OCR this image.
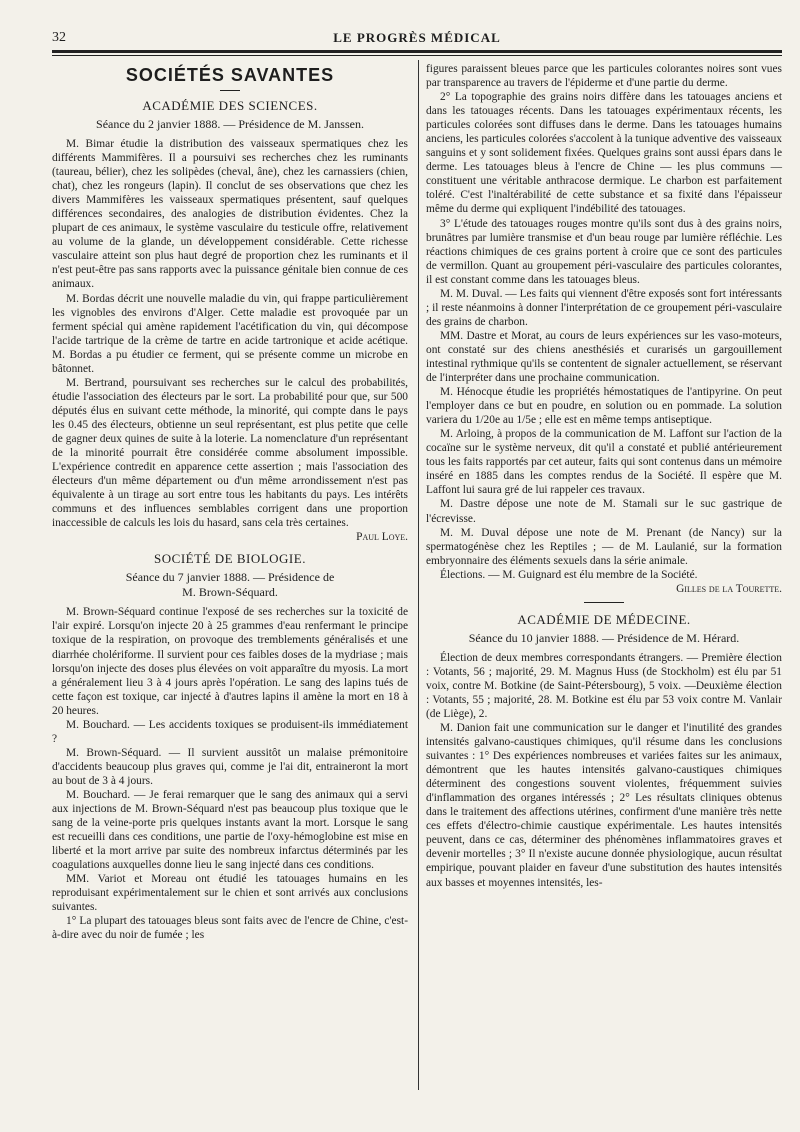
32	LE PROGRÈS MÉDICAL
SOCIÉTÉS SAVANTES
ACADÉMIE DES SCIENCES.
Séance du 2 janvier 1888. — Présidence de M. Janssen.

M. Bimar étudie la distribution des vaisseaux spermatiques chez les différents Mammifères. Il a poursuivi ses recherches chez les ruminants (taureau, bélier), chez les solipèdes (cheval, âne), chez les carnassiers (chien, chat), chez les rongeurs (lapin). Il conclut de ses observations que chez les divers Mammifères les vaisseaux spermatiques présentent, sauf quelques différences secondaires, des analogies de distribution évidentes. Chez la plupart de ces animaux, le système vasculaire du testicule offre, relativement au volume de la glande, un développement considérable. Cette richesse vasculaire atteint son plus haut degré de proportion chez les ruminants et il n'est peut-être pas sans rapports avec la puissance génitale bien connue de ces animaux.

M. Bordas décrit une nouvelle maladie du vin, qui frappe particulièrement les vignobles des environs d'Alger. Cette maladie est provoquée par un ferment spécial qui amène rapidement l'acétification du vin, qui décompose l'acide tartrique de la crème de tartre en acide tartronique et acide acétique. M. Bordas a pu étudier ce ferment, qui se présente comme un microbe en bâtonnet.

M. Bertrand, poursuivant ses recherches sur le calcul des probabilités, étudie l'association des électeurs par le sort. La probabilité pour que, sur 500 députés élus en suivant cette méthode, la minorité, qui compte dans le pays les 0.45 des électeurs, obtienne un seul représentant, est plus petite que celle de gagner deux quines de suite à la loterie. La nomenclature d'un représentant de la minorité pourrait être considérée comme absolument impossible. L'expérience contredit en apparence cette assertion ; mais l'association des électeurs d'un même département ou d'un même arrondissement n'est pas équivalente à un tirage au sort entre tous les habitants du pays. Les intérêts communs et des influences semblables corrigent dans une proportion inaccessible de calculs les lois du hasard, sans cela très certaines.

Paul Loye.
SOCIÉTÉ DE BIOLOGIE.
Séance du 7 janvier 1888. — Présidence de
M. Brown-Séquard.

M. Brown-Séquard continue l'exposé de ses recherches sur la toxicité de l'air expiré. Lorsqu'on injecte 20 à 25 grammes d'eau renfermant le principe toxique de la respiration, on provoque des tremblements généralisés et une diarrhée cholériforme. Il survient pour ces faibles doses de la mydriase ; mais lorsqu'on injecte des doses plus élevées on voit apparaître du myosis. La mort a généralement lieu 3 à 4 jours après l'opération. Le sang des lapins tués de cette façon est toxique, car injecté à d'autres lapins il amène la mort en 18 à 20 heures.

M. Bouchard. — Les accidents toxiques se produisent-ils immédiatement ?

M. Brown-Séquard. — Il survient aussitôt un malaise prémonitoire d'accidents beaucoup plus graves qui, comme je l'ai dit, entraineront la mort au bout de 3 à 4 jours.

M. Bouchard. — Je ferai remarquer que le sang des animaux qui a servi aux injections de M. Brown-Séquard n'est pas beaucoup plus toxique que le sang de la veine-porte pris quelques instants avant la mort. Lorsque le sang est recueilli dans ces conditions, une partie de l'oxy-hémoglobine est mise en liberté et la mort arrive par suite des nombreux infarctus déterminés par les coagulations auxquelles donne lieu le sang injecté dans ces conditions.

MM. Variot et Moreau ont étudié les tatouages humains en les reproduisant expérimentalement sur le chien et sont arrivés aux conclusions suivantes.

1° La plupart des tatouages bleus sont faits avec de l'encre de Chine, c'est-à-dire avec du noir de fumée ; les

figures paraissent bleues parce que les particules colorantes noires sont vues par transparence au travers de l'épiderme et d'une partie du derme.

2° La topographie des grains noirs diffère dans les tatouages anciens et dans les tatouages récents. Dans les tatouages expérimentaux récents, les particules colorées sont diffuses dans le derme. Dans les tatouages humains anciens, les particules colorées s'accolent à la tunique adventive des vaisseaux sanguins et y sont solidement fixées. Quelques grains sont aussi épars dans le derme. Les tatouages bleus à l'encre de Chine — les plus communs — constituent une véritable anthracose dermique. Le charbon est parfaitement toléré. C'est l'inaltérabilité de cette substance et sa fixité dans l'épaisseur même du derme qui expliquent l'indébilité des tatouages.

3° L'étude des tatouages rouges montre qu'ils sont dus à des grains noirs, brunâtres par lumière transmise et d'un beau rouge par lumière réfléchie. Les réactions chimiques de ces grains portent à croire que ce sont des particules de vermillon. Quant au groupement péri-vasculaire des particules colorantes, il est constant comme dans les tatouages bleus.

M. M. Duval. — Les faits qui viennent d'être exposés sont fort intéressants ; il reste néanmoins à donner l'interprétation de ce groupement péri-vasculaire des grains de charbon.

MM. Dastre et Morat, au cours de leurs expériences sur les vaso-moteurs, ont constaté sur des chiens anesthésiés et curarisés un gargouillement intestinal rythmique qu'ils se contentent de signaler actuellement, se réservant de l'interpréter dans une prochaine communication.

M. Hénocque étudie les propriétés hémostatiques de l'antipyrine. On peut l'employer dans ce but en poudre, en solution ou en pommade. La solution variera du 1/20e au 1/5e ; elle est en même temps antiseptique.

M. Arloing, à propos de la communication de M. Laffont sur l'action de la cocaïne sur le système nerveux, dit qu'il a constaté et publié antérieurement tous les faits rapportés par cet auteur, faits qui sont contenus dans un mémoire inséré en 1885 dans les comptes rendus de la Société. Il espère que M. Laffont lui saura gré de lui rappeler ces travaux.

M. Dastre dépose une note de M. Stamali sur le suc gastrique de l'écrevisse.

M. M. Duval dépose une note de M. Prenant (de Nancy) sur la spermatogénèse chez les Reptiles ; — de M. Laulanié, sur la formation embryonnaire des éléments sexuels dans la série animale.

Élections. — M. Guignard est élu membre de la Société.

Gilles de la Tourette.
ACADÉMIE DE MÉDECINE.
Séance du 10 janvier 1888. — Présidence de M. Hérard.

Élection de deux membres correspondants étrangers. — Première élection : Votants, 56 ; majorité, 29. M. Magnus Huss (de Stockholm) est élu par 51 voix, contre M. Botkine (de Saint-Pétersbourg), 5 voix. —Deuxième élection : Votants, 55 ; majorité, 28. M. Botkine est élu par 53 voix contre M. Vanlair (de Liège), 2.

M. Danion fait une communication sur le danger et l'inutilité des grandes intensités galvano-caustiques chimiques, qu'il résume dans les conclusions suivantes : 1° Des expériences nombreuses et variées faites sur les animaux, démontrent que les hautes intensités galvano-caustiques chimiques déterminent des congestions souvent violentes, fréquemment suivies d'inflammation des organes intéressés ; 2° Les résultats cliniques obtenus dans le traitement des affections utérines, confirment d'une manière très nette ces effets d'électro-chimie caustique expérimentale. Les hautes intensités peuvent, dans ce cas, déterminer des phénomènes inflammatoires graves et devenir mortelles ; 3° Il n'existe aucune donnée physiologique, aucun résultat empirique, pouvant plaider en faveur d'une substitution des hautes intensités aux basses et moyennes intensités, les-
